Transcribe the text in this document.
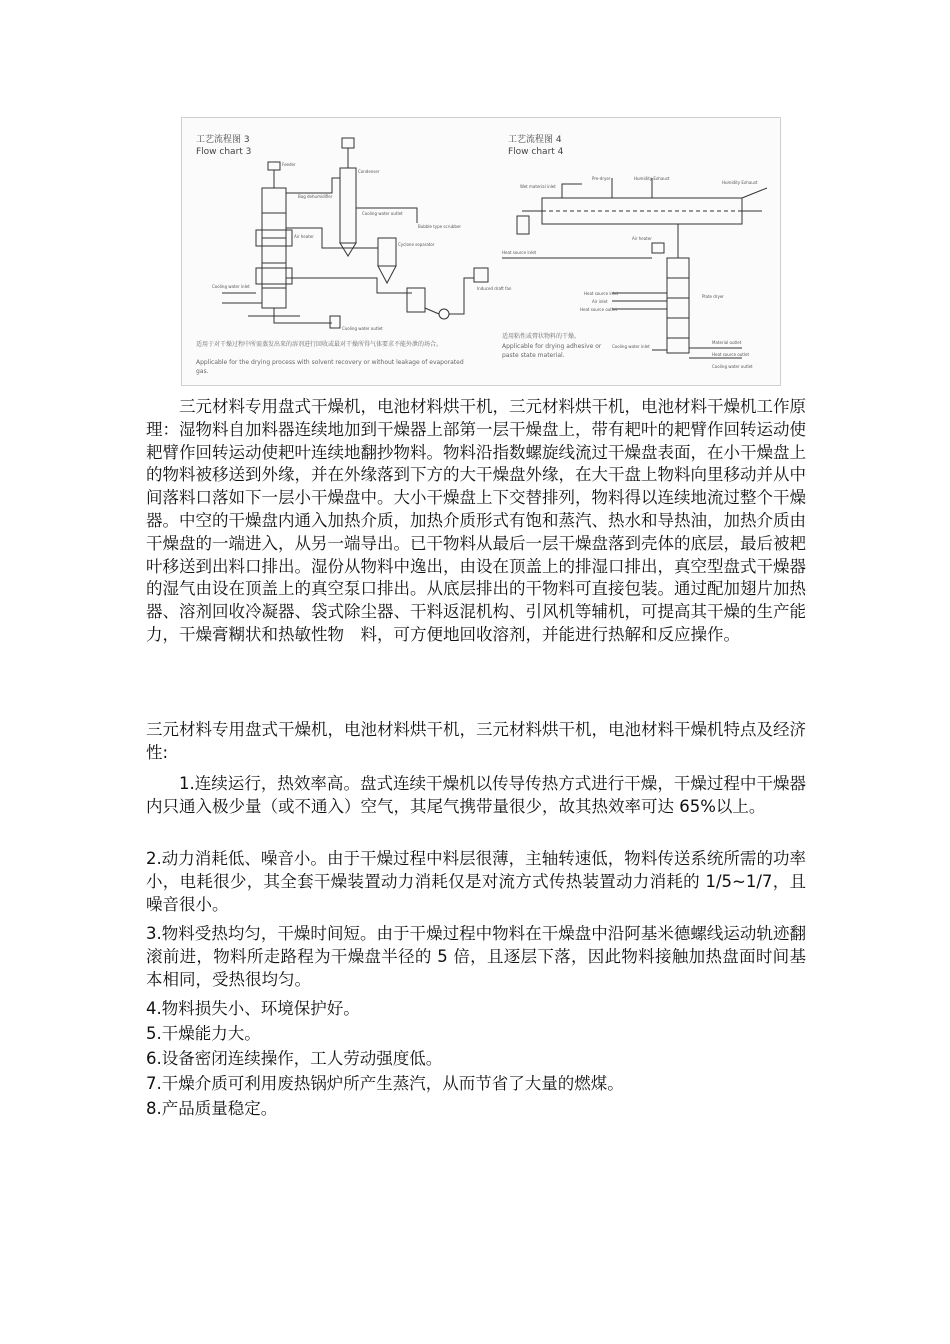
Feeder
Condenser
Bag dehumidifier
Cooling water outlet
Cyclone separator
Air heater
Cooling water inlet
Cooling water outlet
Induced draft fan
Bubble type scrubber
Wet material inlet
Pre-dryer	Humidity Exhaust
Humidity Exhaust
Heat source inlet
Air heater
Heat source inlet
Air inlet
Heat source outlet
Plate dryer
Material outlet
Heat source outlet
Cooling water outlet
Cooling water inlet
工艺流程图 3
Flow chart 3
适用于对干燥过程中所需蒸发出来的溶剂进行回收或最对干燥所得气体要求不能外泄的场合。
Applicable for the drying process with solvent recovery or without leakage of evaporated gas.
工艺流程图 4
Flow chart 4
适用粘性或膏状物料的干燥。
Applicable for drying adhesive or paste state material.
三元材料专用盘式干燥机，电池材料烘干机，三元材料烘干机，电池材料干燥机工作原理：湿物料自加料器连续地加到干燥器上部第一层干燥盘上，带有耙叶的耙臂作回转运动使耙臂作回转运动使耙叶连续地翻抄物料。物料沿指数螺旋线流过干燥盘表面，在小干燥盘上的物料被移送到外缘，并在外缘落到下方的大干燥盘外缘，在大干盘上物料向里移动并从中间落料口落如下一层小干燥盘中。大小干燥盘上下交替排列，物料得以连续地流过整个干燥器。中空的干燥盘内通入加热介质，加热介质形式有饱和蒸汽、热水和导热油，加热介质由干燥盘的一端进入，从另一端导出。已干物料从最后一层干燥盘落到壳体的底层，最后被耙叶移送到出料口排出。湿份从物料中逸出，由设在顶盖上的排湿口排出，真空型盘式干燥器的湿气由设在顶盖上的真空泵口排出。从底层排出的干物料可直接包装。通过配加翅片加热器、溶剂回收冷凝器、袋式除尘器、干料返混机构、引风机等辅机，可提高其干燥的生产能力，干燥膏糊状和热敏性物　料，可方便地回收溶剂，并能进行热解和反应操作。
三元材料专用盘式干燥机，电池材料烘干机，三元材料烘干机，电池材料干燥机特点及经济性:
1.连续运行，热效率高。盘式连续干燥机以传导传热方式进行干燥，干燥过程中干燥器内只通入极少量（或不通入）空气，其尾气携带量很少，故其热效率可达 65%以上。
2.动力消耗低、噪音小。由于干燥过程中料层很薄，主轴转速低，物料传送系统所需的功率小，电耗很少，其全套干燥装置动力消耗仅是对流方式传热装置动力消耗的 1/5~1/7，且噪音很小。
3.物料受热均匀，干燥时间短。由于干燥过程中物料在干燥盘中沿阿基米德螺线运动轨迹翻滚前进，物料所走路程为干燥盘半径的 5 倍，且逐层下落，因此物料接触加热盘面时间基本相同，受热很均匀。
4.物料损失小、环境保护好。
5.干燥能力大。
6.设备密闭连续操作，工人劳动强度低。
7.干燥介质可利用废热锅炉所产生蒸汽，从而节省了大量的燃煤。
8.产品质量稳定。
